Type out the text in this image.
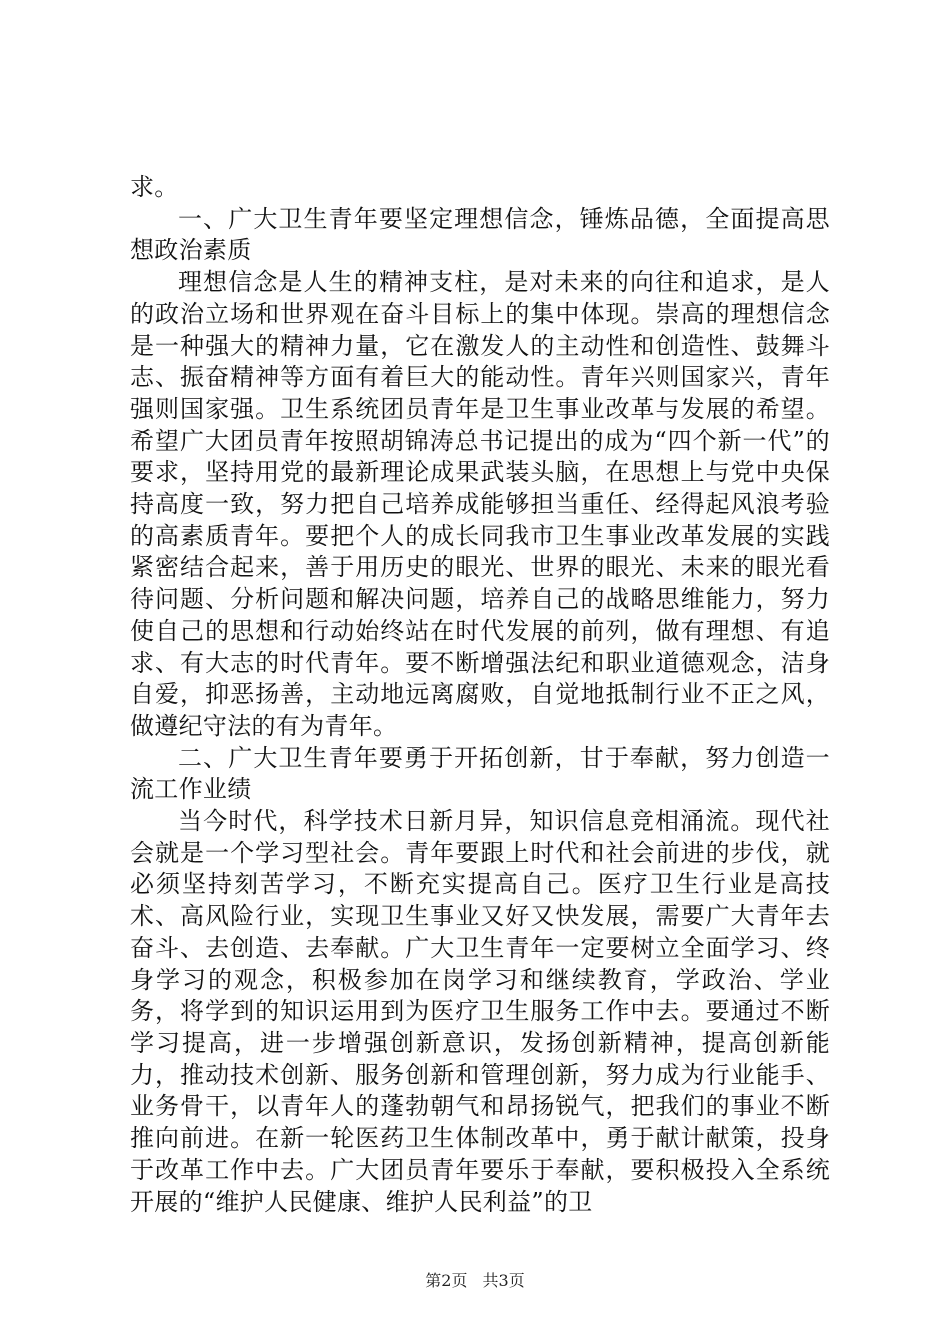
求。

一、广大卫生青年要坚定理想信念，锤炼品德，全面提高思想政治素质

理想信念是人生的精神支柱，是对未来的向往和追求，是人的政治立场和世界观在奋斗目标上的集中体现。崇高的理想信念是一种强大的精神力量，它在激发人的主动性和创造性、鼓舞斗志、振奋精神等方面有着巨大的能动性。青年兴则国家兴，青年强则国家强。卫生系统团员青年是卫生事业改革与发展的希望。希望广大团员青年按照胡锦涛总书记提出的成为“四个新一代”的要求，坚持用党的最新理论成果武装头脑，在思想上与党中央保持高度一致，努力把自己培养成能够担当重任、经得起风浪考验的高素质青年。要把个人的成长同我市卫生事业改革发展的实践紧密结合起来，善于用历史的眼光、世界的眼光、未来的眼光看待问题、分析问题和解决问题，培养自己的战略思维能力，努力使自己的思想和行动始终站在时代发展的前列，做有理想、有追求、有大志的时代青年。要不断增强法纪和职业道德观念，洁身自爱，抑恶扬善，主动地远离腐败，自觉地抵制行业不正之风，做遵纪守法的有为青年。

二、广大卫生青年要勇于开拓创新，甘于奉献，努力创造一流工作业绩

当今时代，科学技术日新月异，知识信息竞相涌流。现代社会就是一个学习型社会。青年要跟上时代和社会前进的步伐，就必须坚持刻苦学习，不断充实提高自己。医疗卫生行业是高技术、高风险行业，实现卫生事业又好又快发展，需要广大青年去奋斗、去创造、去奉献。广大卫生青年一定要树立全面学习、终身学习的观念，积极参加在岗学习和继续教育，学政治、学业务，将学到的知识运用到为医疗卫生服务工作中去。要通过不断学习提高，进一步增强创新意识，发扬创新精神，提高创新能力，推动技术创新、服务创新和管理创新，努力成为行业能手、业务骨干，以青年人的蓬勃朝气和昂扬锐气，把我们的事业不断推向前进。在新一轮医药卫生体制改革中，勇于献计献策，投身于改革工作中去。广大团员青年要乐于奉献，要积极投入全系统开展的“维护人民健康、维护人民利益”的卫

第2页 共3页
